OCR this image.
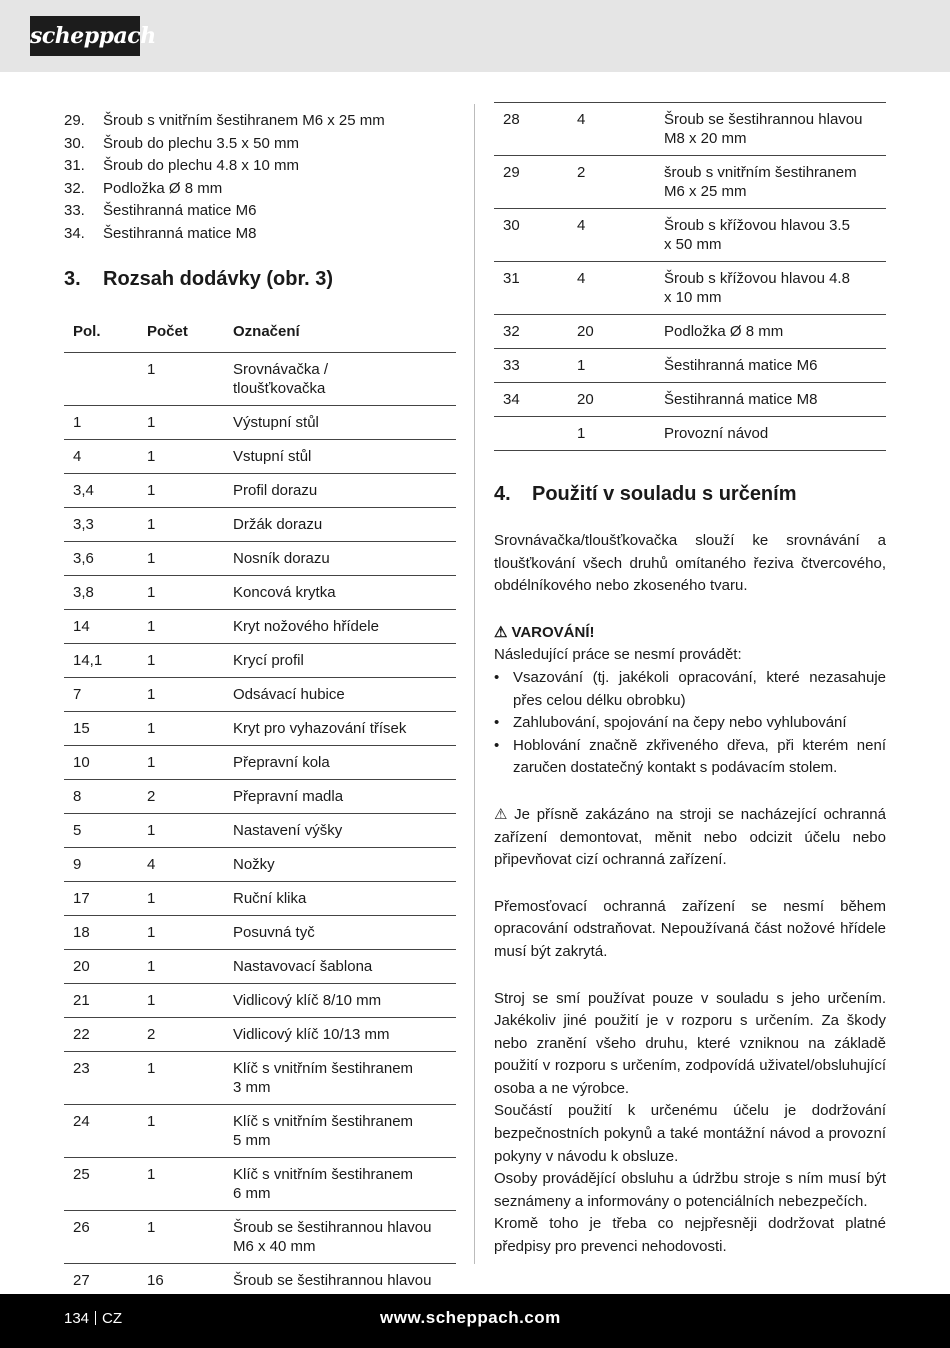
scheppach
29.	Šroub s vnitřním šestihranem M6 x 25 mm
30.	Šroub do plechu 3.5 x 50 mm
31.	Šroub do plechu 4.8 x 10 mm
32.	Podložka Ø 8 mm
33.	Šestihranná matice M6
34.	Šestihranná matice M8
3. Rozsah dodávky (obr. 3)
Pol.	Počet	Označení
	1	Srovnávačka /
tloušťkovačka
1	1	Výstupní stůl
4	1	Vstupní stůl
3,4	1	Profil dorazu
3,3	1	Držák dorazu
3,6	1	Nosník dorazu
3,8	1	Koncová krytka
14	1	Kryt nožového hřídele
14,1	1	Krycí profil
7	1	Odsávací hubice
15	1	Kryt pro vyhazování třísek
10	1	Přepravní kola
8	2	Přepravní madla
5	1	Nastavení výšky
9	4	Nožky
17	1	Ruční klika
18	1	Posuvná tyč
20	1	Nastavovací šablona
21	1	Vidlicový klíč 8/10 mm
22	2	Vidlicový klíč 10/13 mm
23	1	Klíč s vnitřním šestihranem
3 mm
24	1	Klíč s vnitřním šestihranem
5 mm
25	1	Klíč s vnitřním šestihranem
6 mm
26	1	Šroub se šestihrannou hlavou
M6 x 40 mm
27	16	Šroub se šestihrannou hlavou

28	4	Šroub se šestihrannou hlavou
M8 x 20 mm
29	2	šroub s vnitřním šestihranem
M6 x 25 mm
30	4	Šroub s křížovou hlavou 3.5
x 50 mm
31	4	Šroub s křížovou hlavou 4.8
x 10 mm
32	20	Podložka Ø 8 mm
33	1	Šestihranná matice M6
34	20	Šestihranná matice M8
	1	Provozní návod
4. Použití v souladu s určením

Srovnávačka/tloušťkovačka slouží ke srovnávání a tloušťkování všech druhů omítaného řeziva čtvercového, obdélníkového nebo zkoseného tvaru.

⚠ VAROVÁNÍ!

Následující práce se nesmí provádět:

• Vsazování (tj. jakékoli opracování, které nezasahuje přes celou délku obrobku)
• Zahlubování, spojování na čepy nebo vyhlubování
• Hoblování značně zkřiveného dřeva, při kterém není zaručen dostatečný kontakt s podávacím stolem.

⚠ Je přísně zakázáno na stroji se nacházející ochranná zařízení demontovat, měnit nebo odcizit účelu nebo připevňovat cizí ochranná zařízení.

Přemosťovací ochranná zařízení se nesmí během opracování odstraňovat. Nepoužívaná část nožové hřídele musí být zakrytá.

Stroj se smí používat pouze v souladu s jeho určením. Jakékoliv jiné použití je v rozporu s určením. Za škody nebo zranění všeho druhu, které vzniknou na základě použití v rozporu s určením, zodpovídá uživatel/obsluhující osoba a ne výrobce.

Součástí použití k určenému účelu je dodržování bezpečnostních pokynů a také montážní návod a provozní pokyny v návodu k obsluze.

Osoby provádějící obsluhu a údržbu stroje s ním musí být seznámeny a informovány o potenciálních nebezpečích.

Kromě toho je třeba co nejpřesněji dodržovat platné předpisy pro prevenci nehodovosti.

134 CZ	www.scheppach.com
